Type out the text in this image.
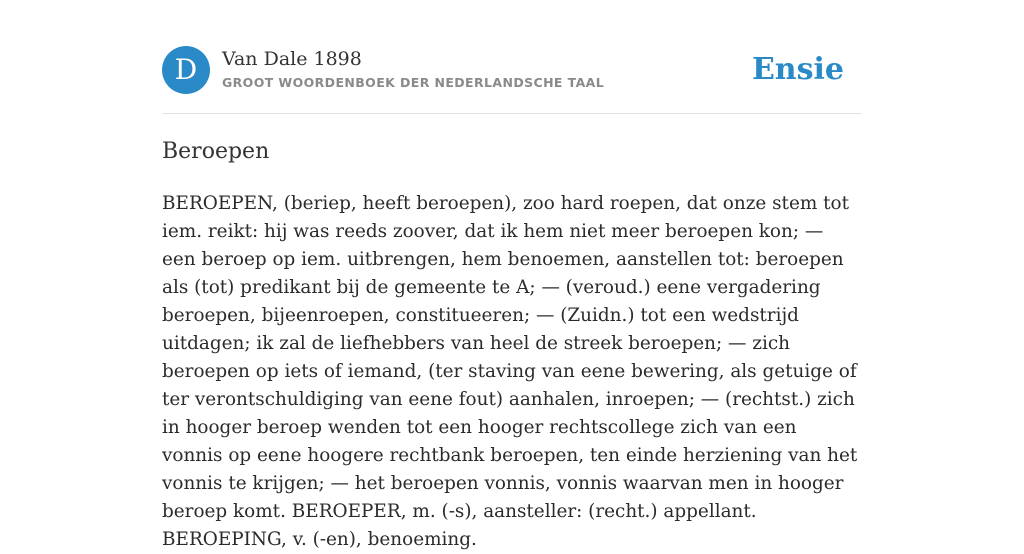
D	Van Dale 1898
GROOT WOORDENBOEK DER NEDERLANDSCHE TAAL	Ensie
Beroepen

BEROEPEN, (beriep, heeft beroepen), zoo hard roepen, dat onze stem tot iem. reikt: hij was reeds zoover, dat ik hem niet meer beroepen kon; — een beroep op iem. uitbrengen, hem benoemen, aanstellen tot: beroepen als (tot) predikant bij de gemeente te A; — (veroud.) eene vergadering beroepen, bijeenroepen, constitueeren; — (Zuidn.) tot een wedstrijd uitdagen; ik zal de liefhebbers van heel de streek beroepen; — zich beroepen op iets of iemand, (ter staving van eene bewering, als getuige of ter verontschuldiging van eene fout) aanhalen, inroepen; — (rechtst.) zich in hooger beroep wenden tot een hooger rechtscollege zich van een vonnis op eene hoogere rechtbank beroepen, ten einde herziening van het vonnis te krijgen; — het beroepen vonnis, vonnis waarvan men in hooger beroep komt. BEROEPER, m. (-s), aansteller: (recht.) appellant. BEROEPING, v. (-en), benoeming.
